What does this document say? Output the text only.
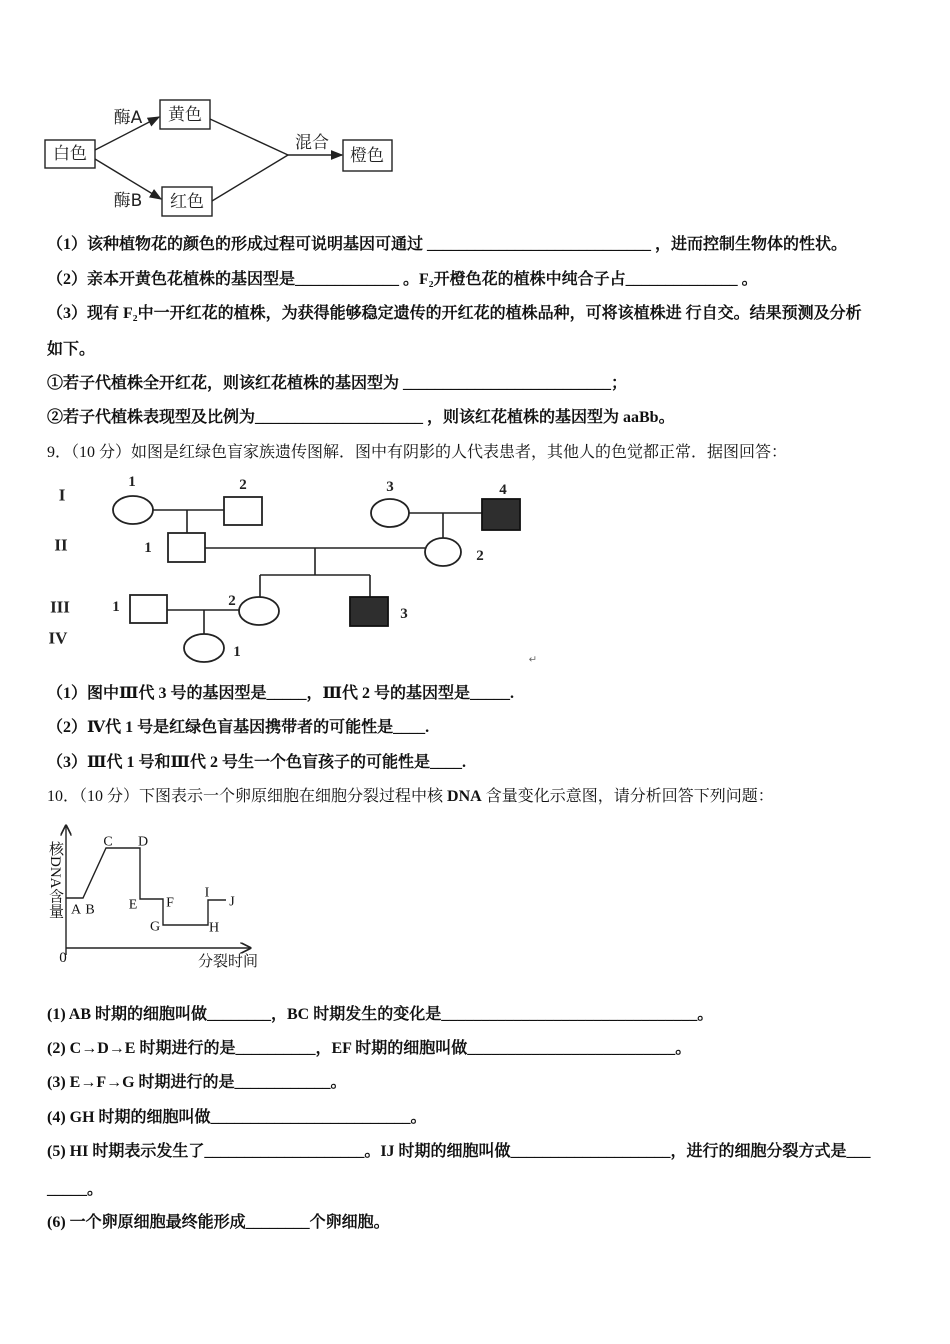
白色
黄色
红色
橙色
酶A
酶B
混合
（1）该种植物花的颜色的形成过程可说明基因可通过 ____________________________ ，进而控制生物体的性状。
（2）亲本开黄色花植株的基因型是_____________ 。F₂开橙色花的植株中纯合子占______________ 。
（3）现有 F₂中一开红花的植株，为获得能够稳定遗传的开红花的植株品种，可将该植株进 行自交。结果预测及分析
如下。
①若子代植株全开红花，则该红花植株的基因型为 __________________________；
②若子代植株表现型及比例为_____________________ ，则该红花植株的基因型为 aaBb。
9．（10 分）如图是红绿色盲家族遗传图解．图中有阴影的人代表患者，其他人的色觉都正常．据图回答：
I
II
III
IV
1	2	3	4
1	2
1	2
3
1	↵
（1）图中Ⅲ代 3 号的基因型是_____，Ⅲ代 2 号的基因型是_____.
（2）Ⅳ代 1 号是红绿色盲基因携带者的可能性是____.
（3）Ⅲ代 1 号和Ⅲ代 2 号生一个色盲孩子的可能性是____.
10．（10 分）下图表示一个卵原细胞在细胞分裂过程中核 DNA 含量变化示意图，请分析回答下列问题：
核DNA含量
0	分裂时间
A B
C D
E F
G	H
I
J
(1) AB 时期的细胞叫做________，BC 时期发生的变化是________________________________。
(2) C→D→E 时期进行的是__________，EF 时期的细胞叫做__________________________。
(3) E→F→G 时期进行的是____________。
(4) GH 时期的细胞叫做_________________________。
(5) HI 时期表示发生了____________________。IJ 时期的细胞叫做____________________，进行的细胞分裂方式是___
_____。
(6) 一个卵原细胞最终能形成________个卵细胞。
